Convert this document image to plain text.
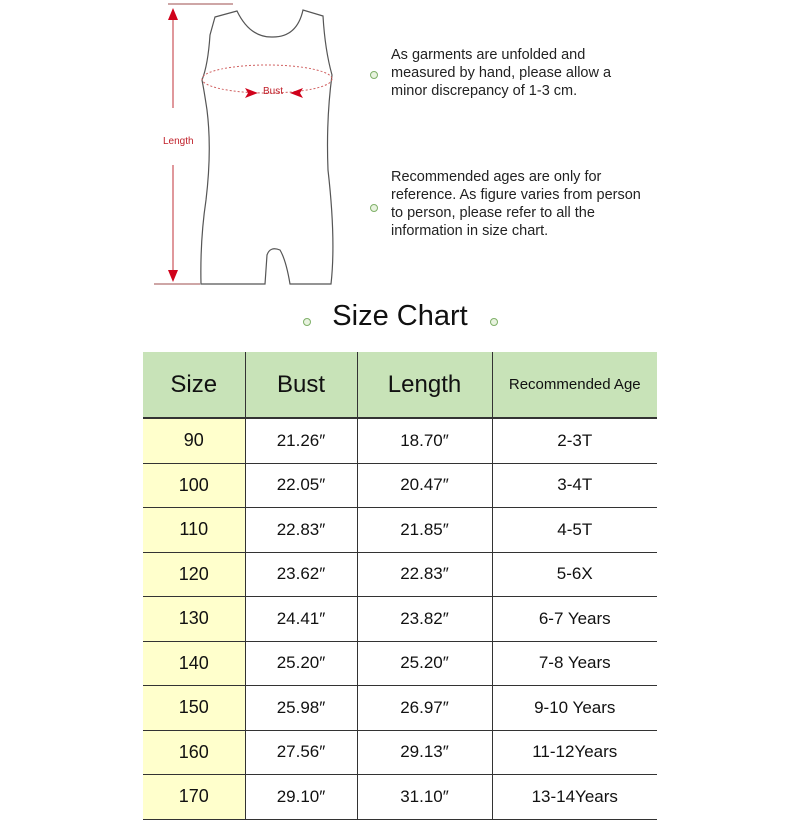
Bust
Length
As garments are unfolded and measured by hand, please allow a minor discrepancy of 1-3 cm.
Recommended ages are only for reference. As figure varies from person to person, please refer to all the information in size chart.
Size Chart
Size	Bust	Length	Recommended Age
90	21.26″	18.70″	2-3T
100	22.05″	20.47″	3-4T
110	22.83″	21.85″	4-5T
120	23.62″	22.83″	5-6X
130	24.41″	23.82″	6-7 Years
140	25.20″	25.20″	7-8 Years
150	25.98″	26.97″	9-10 Years
160	27.56″	29.13″	11-12Years
170	29.10″	31.10″	13-14Years
